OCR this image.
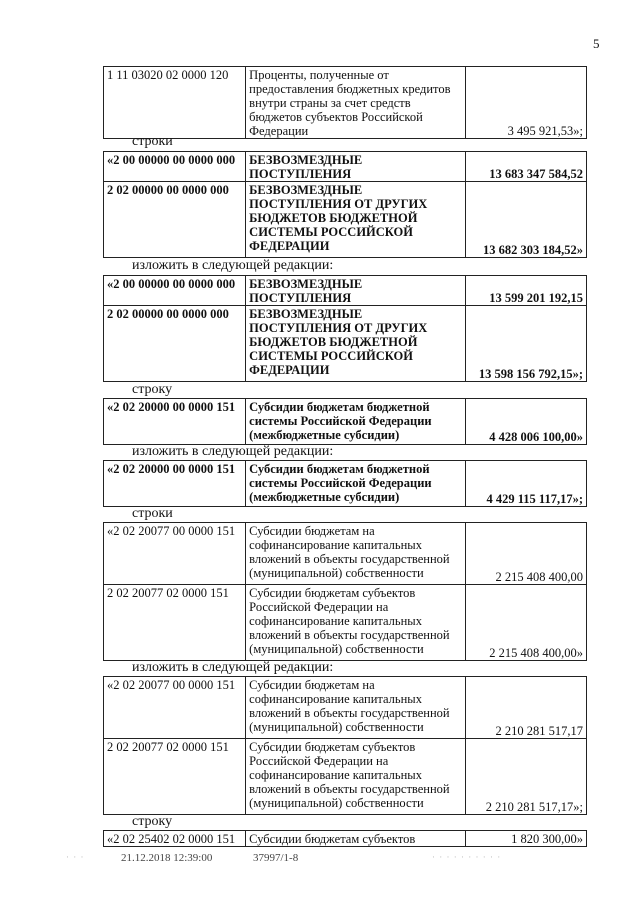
5
1 11 03020 02 0000 120	Проценты, полученные от предоставления бюджетных кредитов внутри страны за счет средств бюджетов субъектов Российской Федерации	3 495 921,53»;
строки
«2 00 00000 00 0000 000	БЕЗВОЗМЕЗДНЫЕ ПОСТУПЛЕНИЯ	13 683 347 584,52
2 02 00000 00 0000 000	БЕЗВОЗМЕЗДНЫЕ ПОСТУПЛЕНИЯ ОТ ДРУГИХ БЮДЖЕТОВ БЮДЖЕТНОЙ СИСТЕМЫ РОССИЙСКОЙ ФЕДЕРАЦИИ	13 682 303 184,52»
изложить в следующей редакции:
«2 00 00000 00 0000 000	БЕЗВОЗМЕЗДНЫЕ ПОСТУПЛЕНИЯ	13 599 201 192,15
2 02 00000 00 0000 000	БЕЗВОЗМЕЗДНЫЕ ПОСТУПЛЕНИЯ ОТ ДРУГИХ БЮДЖЕТОВ БЮДЖЕТНОЙ СИСТЕМЫ РОССИЙСКОЙ ФЕДЕРАЦИИ	13 598 156 792,15»;
строку
«2 02 20000 00 0000 151	Субсидии бюджетам бюджетной системы Российской Федерации (межбюджетные субсидии)	4 428 006 100,00»
изложить в следующей редакции:
«2 02 20000 00 0000 151	Субсидии бюджетам бюджетной системы Российской Федерации (межбюджетные субсидии)	4 429 115 117,17»;
строки
«2 02 20077 00 0000 151	Субсидии бюджетам на софинансирование капитальных вложений в объекты государственной (муниципальной) собственности	2 215 408 400,00
2 02 20077 02 0000 151	Субсидии бюджетам субъектов Российской Федерации на софинансирование капитальных вложений в объекты государственной (муниципальной) собственности	2 215 408 400,00»
изложить в следующей редакции:
«2 02 20077 00 0000 151	Субсидии бюджетам на софинансирование капитальных вложений в объекты государственной (муниципальной) собственности	2 210 281 517,17
2 02 20077 02 0000 151	Субсидии бюджетам субъектов Российской Федерации на софинансирование капитальных вложений в объекты государственной (муниципальной) собственности	2 210 281 517,17»;
строку
«2 02 25402 02 0000 151	Субсидии бюджетам субъектов	1 820 300,00»
21.12.2018 12:39:00	37997/1-8
· · ·	· · · · · · · · · ·
